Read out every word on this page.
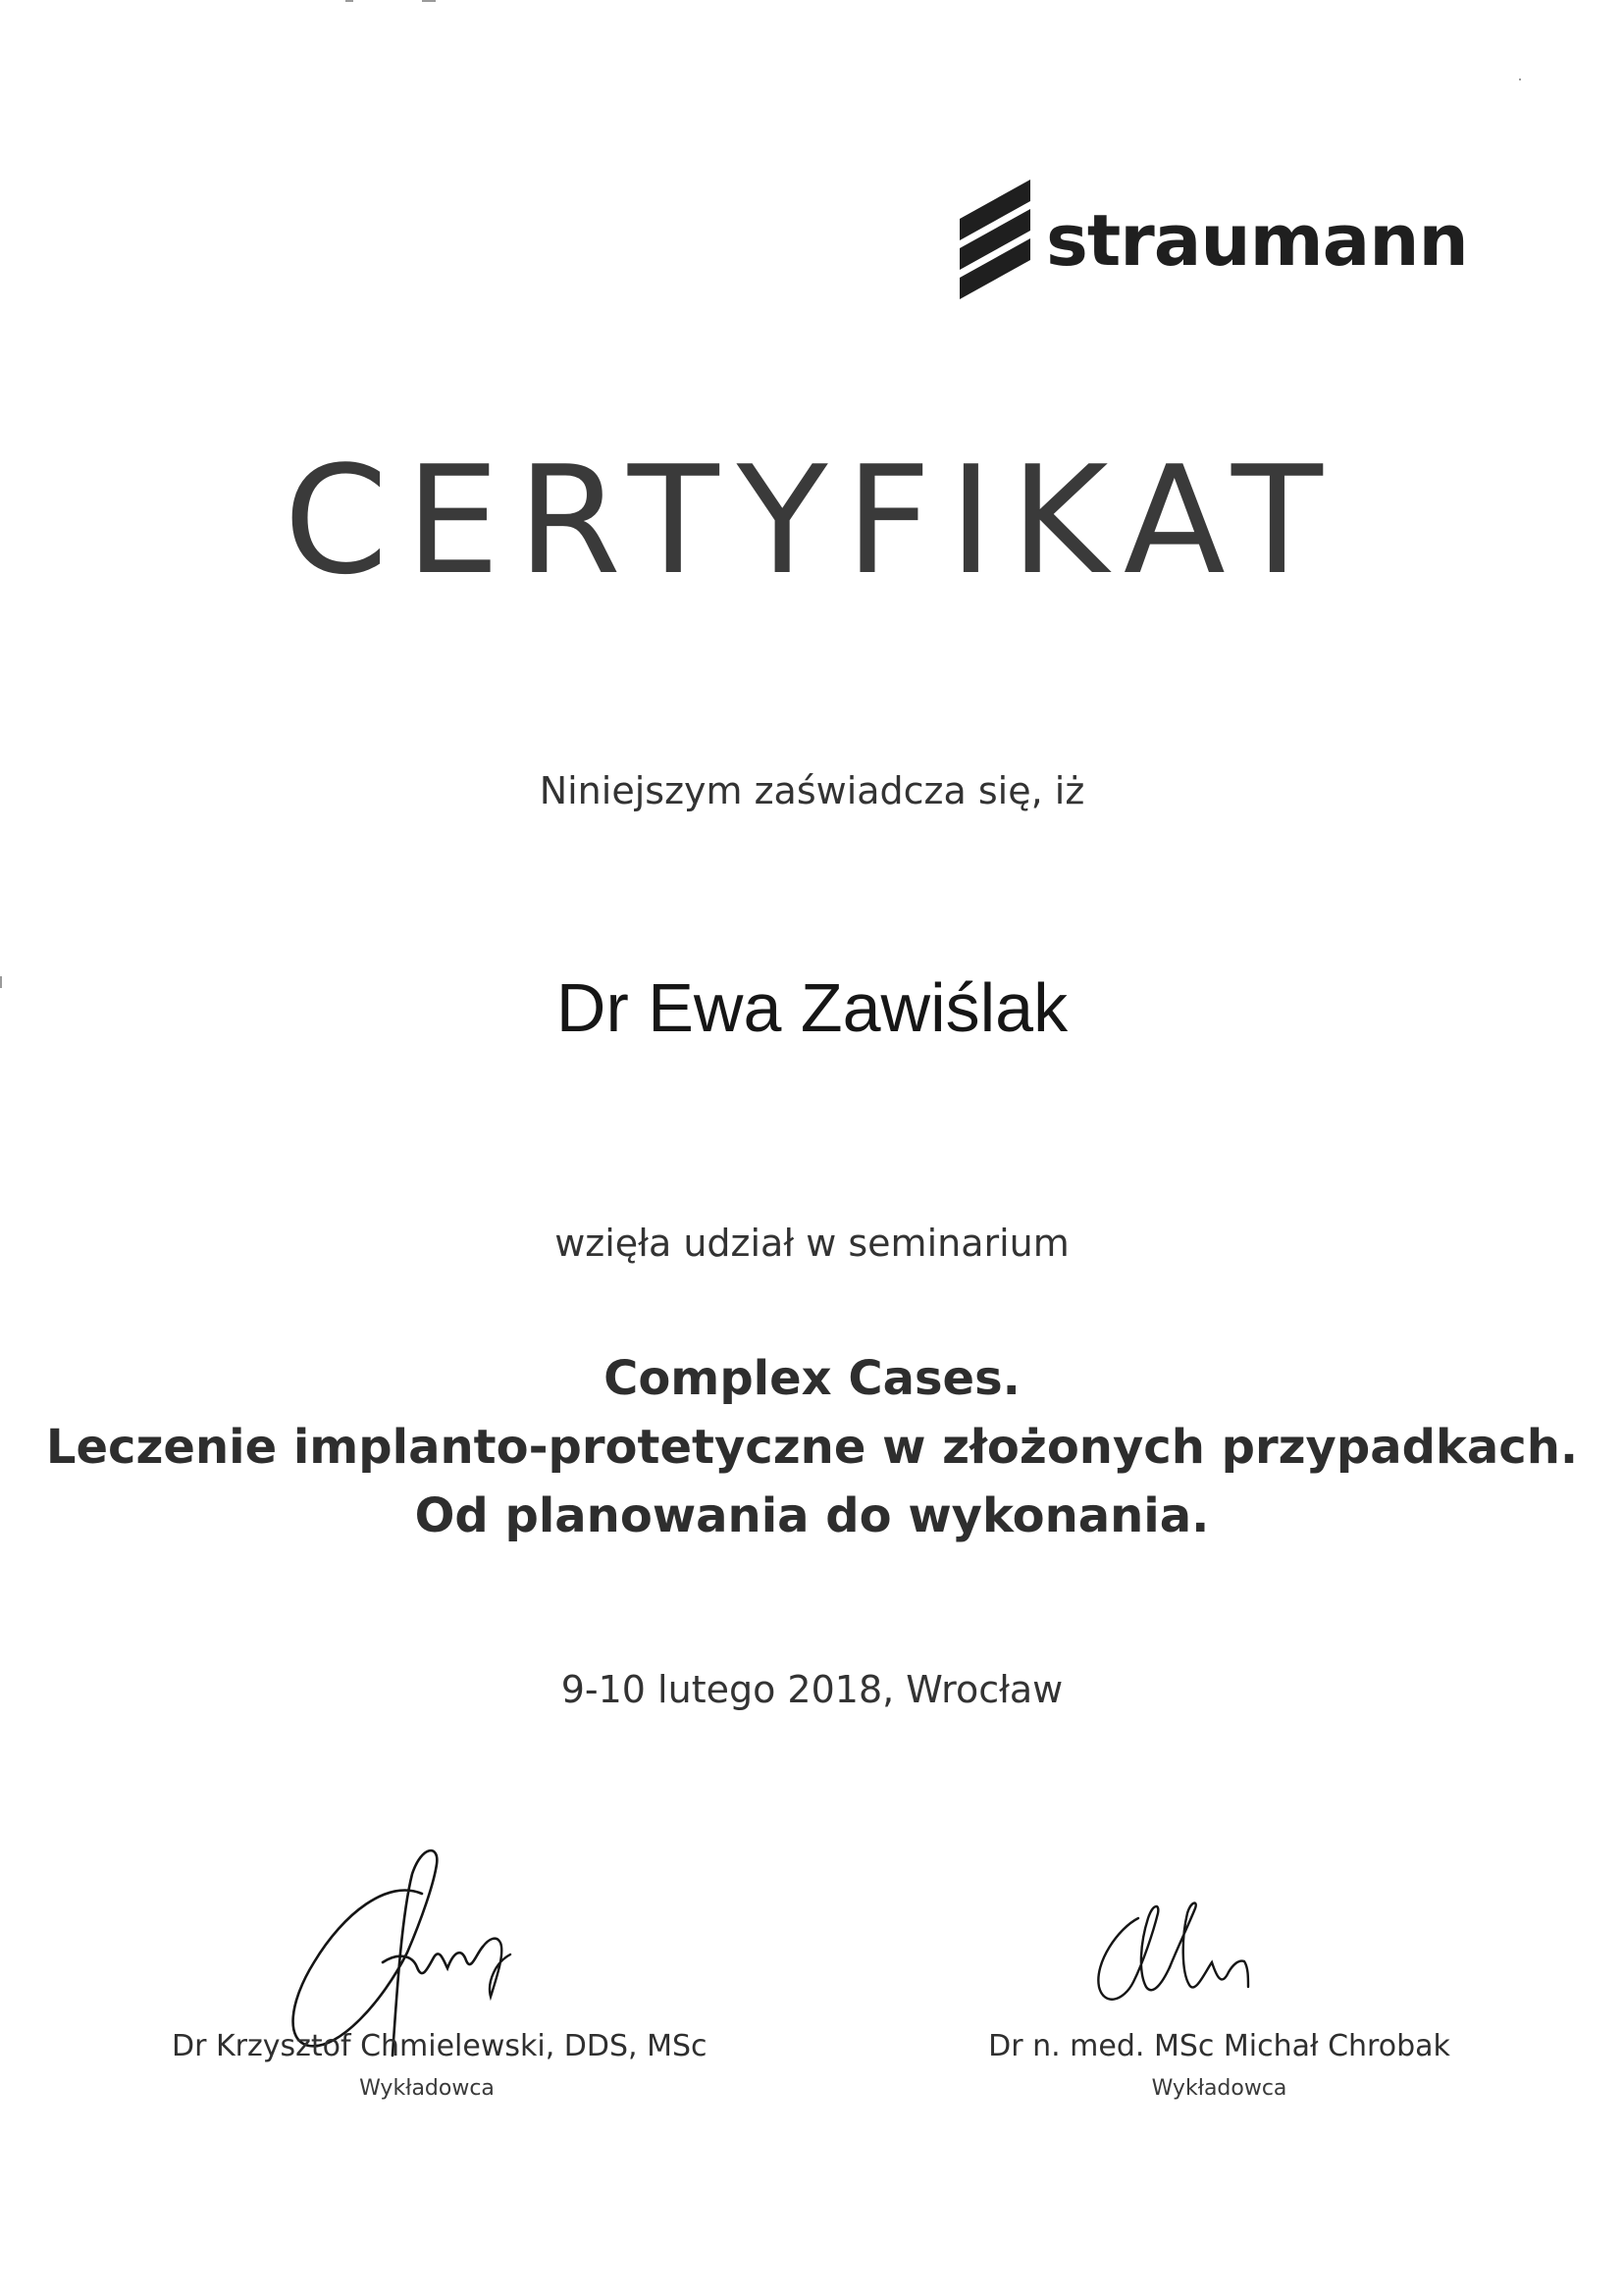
straumann
CERTYFIKAT
Niniejszym zaświadcza się, iż
Dr Ewa Zawiślak
wzięła udział w seminarium
Complex Cases.
Leczenie implanto-protetyczne w złożonych przypadkach.
Od planowania do wykonania.
9-10 lutego 2018, Wrocław
Dr Krzysztof Chmielewski, DDS, MSc
Wykładowca
Dr n. med. MSc Michał Chrobak
Wykładowca
